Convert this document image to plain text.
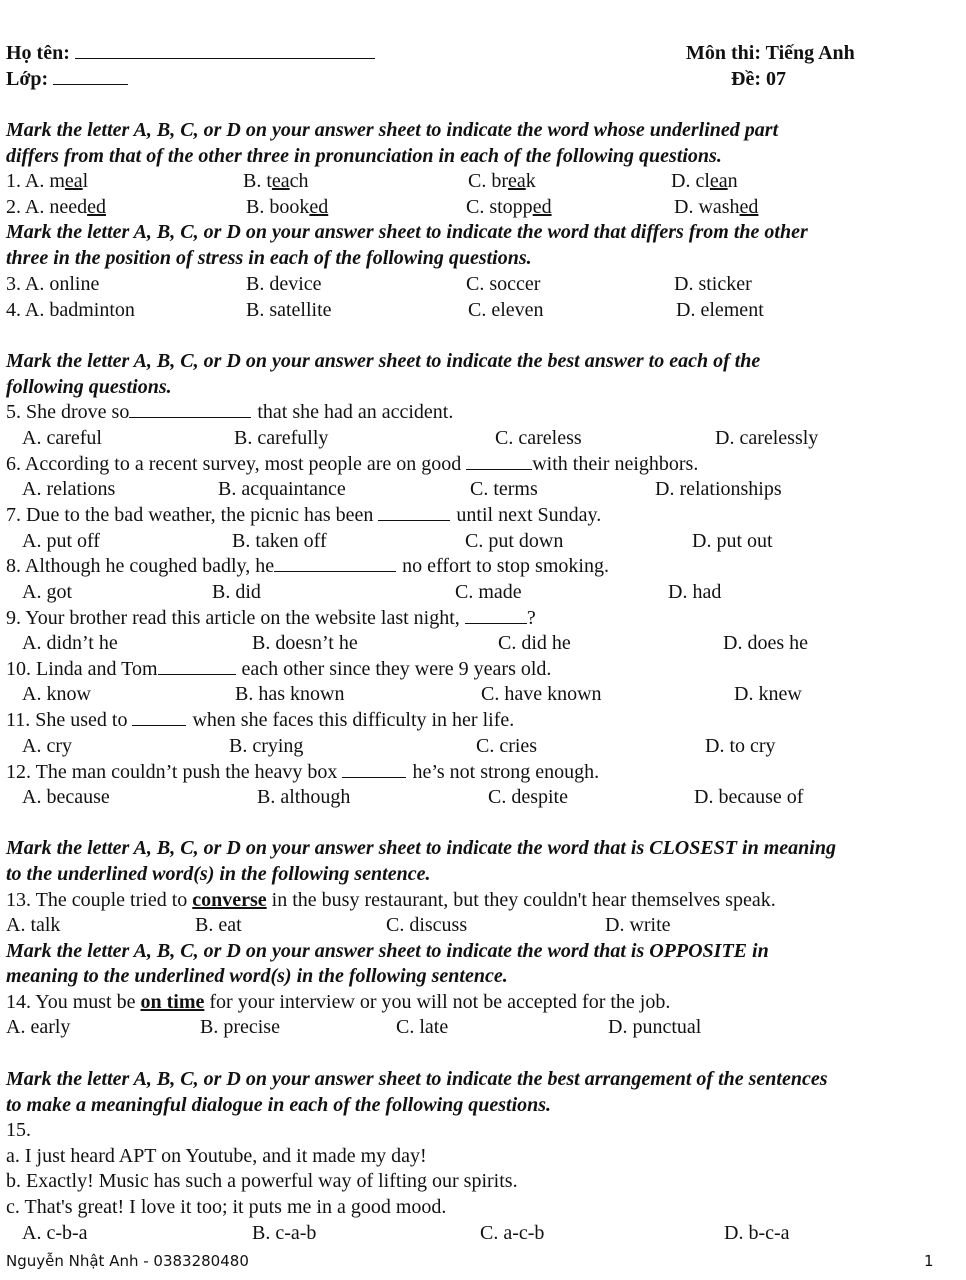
Họ tên:
Lớp:
Môn thi: Tiếng Anh
Đề: 07
Mark the letter A, B, C, or D on your answer sheet to indicate the word whose underlined part
differs from that of the other three in pronunciation in each of the following questions.
1. A. meal	B. teach	C. break	D. clean
2. A. needed	B. booked	C. stopped	D. washed
Mark the letter A, B, C, or D on your answer sheet to indicate the word that differs from the other
three in the position of stress in each of the following questions.
3. A. online	B. device	C. soccer	D. sticker
4. A. badminton	B. satellite	C. eleven	D. element
Mark the letter A, B, C, or D on your answer sheet to indicate the best answer to each of the
following questions.
5. She drove so	that she had an accident.
A. careful	B. carefully	C. careless	D. carelessly
6. According to a recent survey, most people are on good	with their neighbors.
A. relations	B. acquaintance	C. terms	D. relationships
7. Due to the bad weather, the picnic has been	until next Sunday.
A. put off	B. taken off	C. put down	D. put out
8. Although he coughed badly, he	no effort to stop smoking.
A. got	B. did	C. made	D. had
9. Your brother read this article on the website last night,	?
A. didn’t he	B. doesn’t he	C. did he	D. does he
10. Linda and Tom	each other since they were 9 years old.
A. know	B. has known	C. have known	D. knew
11. She used to	when she faces this difficulty in her life.
A. cry	B. crying	C. cries	D. to cry
12. The man couldn’t push the heavy box	he’s not strong enough.
A. because	B. although	C. despite	D. because of
Mark the letter A, B, C, or D on your answer sheet to indicate the word that is CLOSEST in meaning
to the underlined word(s) in the following sentence.
13. The couple tried to converse in the busy restaurant, but they couldn't hear themselves speak.
A. talk	B. eat	C. discuss	D. write
Mark the letter A, B, C, or D on your answer sheet to indicate the word that is OPPOSITE in
meaning to the underlined word(s) in the following sentence.
14. You must be on time for your interview or you will not be accepted for the job.
A. early	B. precise	C. late	D. punctual
Mark the letter A, B, C, or D on your answer sheet to indicate the best arrangement of the sentences
to make a meaningful dialogue in each of the following questions.
15.
a. I just heard APT on Youtube, and it made my day!
b. Exactly! Music has such a powerful way of lifting our spirits.
c. That's great! I love it too; it puts me in a good mood.
A. c-b-a	B. c-a-b	C. a-c-b	D. b-c-a
Nguyễn Nhật Anh - 0383280480	1
